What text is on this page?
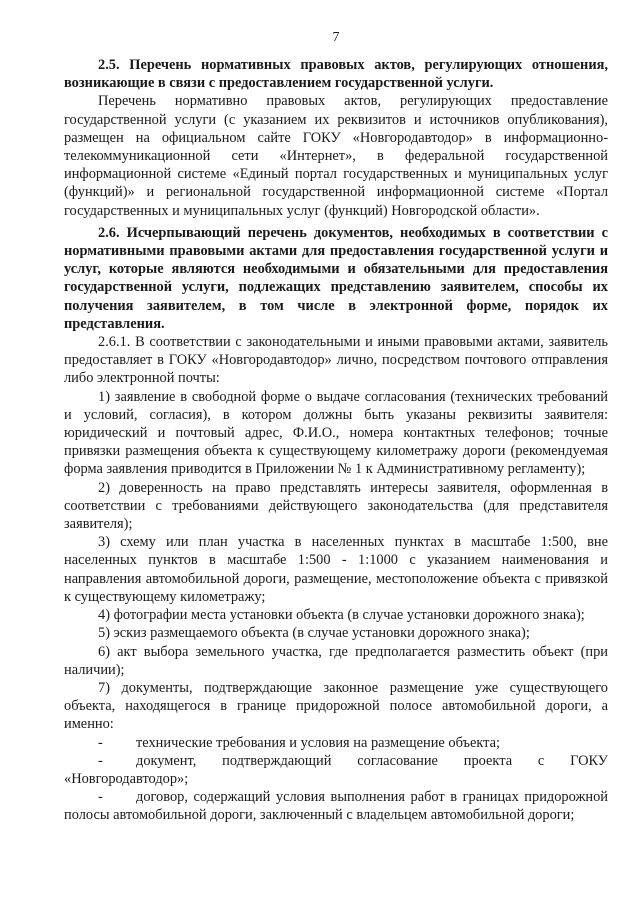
7

2.5. Перечень нормативных правовых актов, регулирующих отношения, возникающие в связи с предоставлением государственной услуги.

Перечень нормативно правовых актов, регулирующих предоставление государственной услуги (с указанием их реквизитов и источников опубликования), размещен на официальном сайте ГОКУ «Новгородавтодор» в информационно-телекоммуникационной сети «Интернет», в федеральной государственной информационной системе «Единый портал государственных и муниципальных услуг (функций)» и региональной государственной информационной системе «Портал государственных и муниципальных услуг (функций) Новгородской области».

2.6. Исчерпывающий перечень документов, необходимых в соответствии с нормативными правовыми актами для предоставления государственной услуги и услуг, которые являются необходимыми и обязательными для предоставления государственной услуги, подлежащих представлению заявителем, способы их получения заявителем, в том числе в электронной форме, порядок их представления.

2.6.1. В соответствии с законодательными и иными правовыми актами, заявитель предоставляет в ГОКУ «Новгородавтодор» лично, посредством почтового отправления либо электронной почты:

1) заявление в свободной форме о выдаче согласования (технических требований и условий, согласия), в котором должны быть указаны реквизиты заявителя: юридический и почтовый адрес, Ф.И.О., номера контактных телефонов; точные привязки размещения объекта к существующему километражу дороги (рекомендуемая форма заявления приводится в Приложении № 1 к Административному регламенту);

2) доверенность на право представлять интересы заявителя, оформленная в соответствии с требованиями действующего законодательства (для представителя заявителя);

3) схему или план участка в населенных пунктах в масштабе 1:500, вне населенных пунктов в масштабе 1:500 - 1:1000 с указанием наименования и направления автомобильной дороги, размещение, местоположение объекта с привязкой к существующему километражу;

4) фотографии места установки объекта (в случае установки дорожного знака);

5) эскиз размещаемого объекта (в случае установки дорожного знака);

6) акт выбора земельного участка, где предполагается разместить объект (при наличии);

7) документы, подтверждающие законное размещение уже существующего объекта, находящегося в границе придорожной полосе автомобильной дороги, а именно:

- технические требования и условия на размещение объекта;

- документ, подтверждающий согласование проекта с ГОКУ «Новгородавтодор»;

- договор, содержащий условия выполнения работ в границах придорожной полосы автомобильной дороги, заключенный с владельцем автомобильной дороги;
